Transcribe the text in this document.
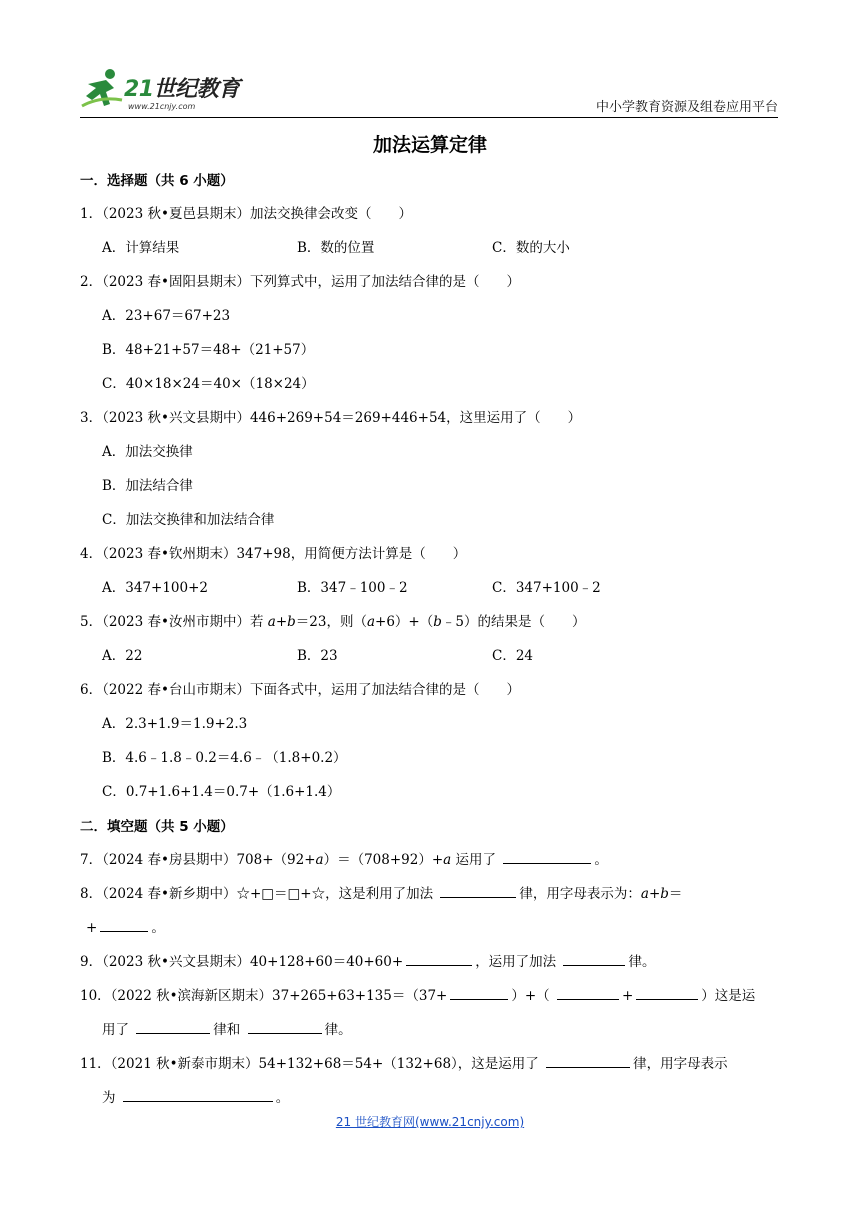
21世纪教育
www.21cnjy.com	中小学教育资源及组卷应用平台
加法运算定律
一．选择题（共 6 小题）
1．（2023 秋•夏邑县期末）加法交换律会改变（　　）
A．计算结果	B．数的位置	C．数的大小
2．（2023 春•固阳县期末）下列算式中，运用了加法结合律的是（　　）
A．23+67＝67+23
B．48+21+57＝48+（21+57）
C．40×18×24＝40×（18×24）
3．（2023 秋•兴文县期中）446+269+54＝269+446+54，这里运用了（　　）
A．加法交换律
B．加法结合律
C．加法交换律和加法结合律
4．（2023 春•钦州期末）347+98，用简便方法计算是（　　）
A．347+100+2	B．347﹣100﹣2	C．347+100﹣2
5．（2023 春•汝州市期中）若 a+b＝23，则（a+6）+（b﹣5）的结果是（　　）
A．22	B．23	C．24
6．（2022 春•台山市期末）下面各式中，运用了加法结合律的是（　　）
A．2.3+1.9＝1.9+2.3
B．4.6﹣1.8﹣0.2＝4.6﹣（1.8+0.2）
C．0.7+1.6+1.4＝0.7+（1.6+1.4）
二．填空题（共 5 小题）
7．（2024 春•房县期中）708+（92+a）＝（708+92）+a 运用了	。
8．（2024 春•新乡期中）☆+□＝□+☆，这是利用了加法	律，用字母表示为：a+b＝
+	。
9．（2023 秋•兴文县期末）40+128+60＝40+60+	，运用了加法	律。
10．（2022 秋•滨海新区期末）37+265+63+135＝（37+	）+（	+	）这是运
用了	律和	律。
11．（2021 秋•新泰市期末）54+132+68＝54+（132+68），这是运用了	律，用字母表示
为	。
21 世纪教育网(www.21cnjy.com)
